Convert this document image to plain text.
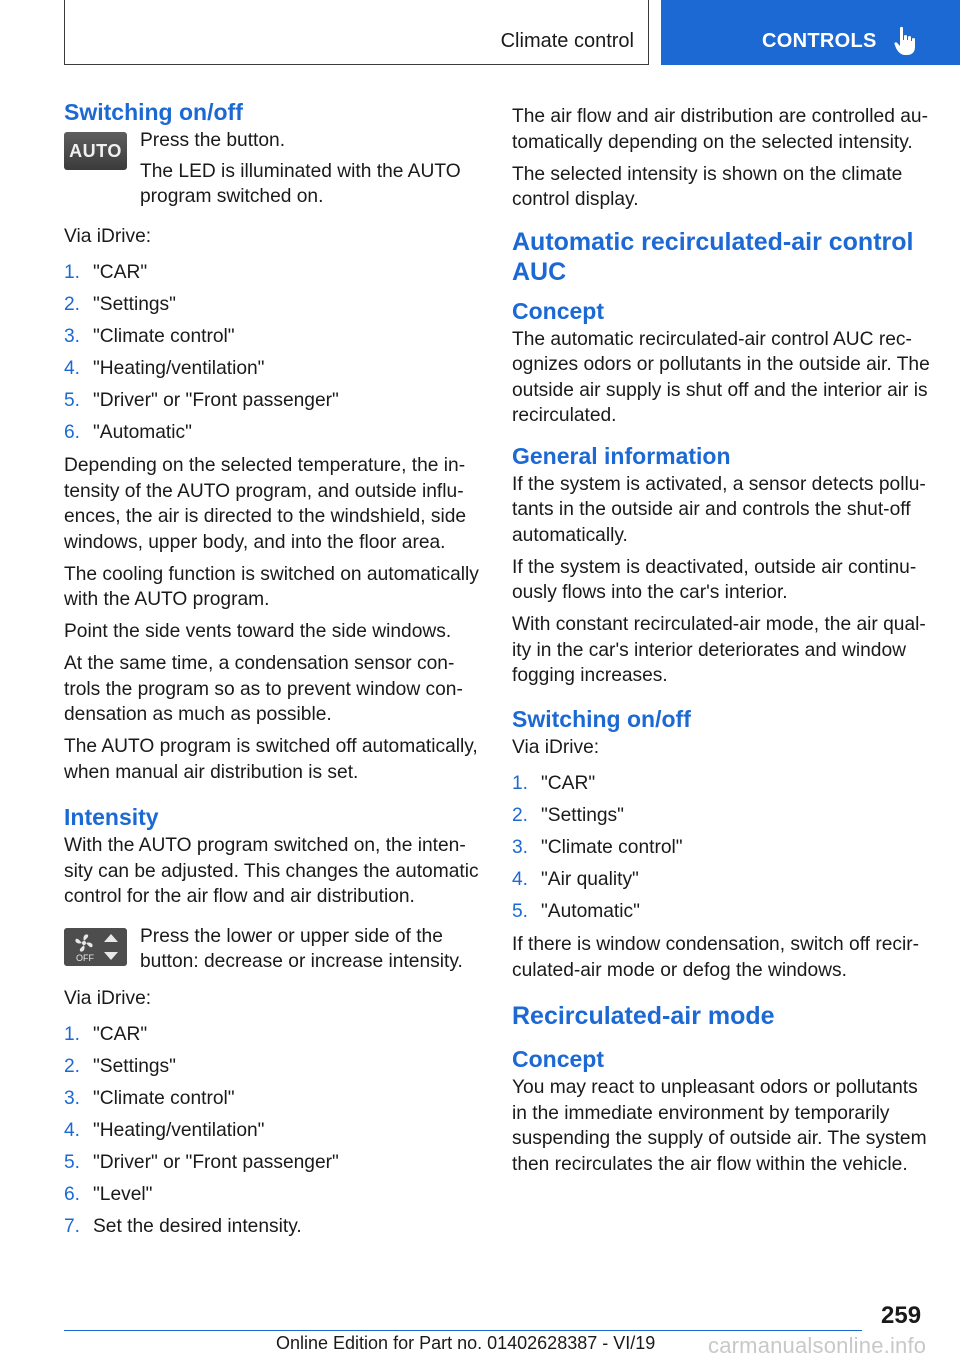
Climate control	CONTROLS
Switching on/off
AUTO Press the button.

The LED is illuminated with the AUTO program switched on.

Via iDrive:

1. "CAR"
2. "Settings"
3. "Climate control"
4. "Heating/ventilation"
5. "Driver" or "Front passenger"
6. "Automatic"

Depending on the selected temperature, the intensity of the AUTO program, and outside influences, the air is directed to the windshield, side windows, upper body, and into the floor area.

The cooling function is switched on automatically with the AUTO program.

Point the side vents toward the side windows.

At the same time, a condensation sensor controls the program so as to prevent window condensation as much as possible.

The AUTO program is switched off automatically, when manual air distribution is set.

Intensity

With the AUTO program switched on, the intensity can be adjusted. This changes the automatic control for the air flow and air distribution.

OFF

Press the lower or upper side of the button: decrease or increase intensity.

Via iDrive:

1. "CAR"
2. "Settings"
3. "Climate control"
4. "Heating/ventilation"
5. "Driver" or "Front passenger"
6. "Level"
7. Set the desired intensity.

The air flow and air distribution are controlled automatically depending on the selected intensity.

The selected intensity is shown on the climate control display.

Automatic recirculated-air control AUC
Concept

The automatic recirculated-air control AUC recognizes odors or pollutants in the outside air. The outside air supply is shut off and the interior air is recirculated.

General information

If the system is activated, a sensor detects pollutants in the outside air and controls the shut-off automatically.

If the system is deactivated, outside air continuously flows into the car's interior.

With constant recirculated-air mode, the air quality in the car's interior deteriorates and window fogging increases.

Switching on/off

Via iDrive:

1. "CAR"
2. "Settings"
3. "Climate control"
4. "Air quality"
5. "Automatic"

If there is window condensation, switch off recirculated-air mode or defog the windows.

Recirculated-air mode
Concept

You may react to unpleasant odors or pollutants in the immediate environment by temporarily suspending the supply of outside air. The system then recirculates the air flow within the vehicle.

259
Online Edition for Part no. 01402628387 - VI/19 carmanualsonline.info
